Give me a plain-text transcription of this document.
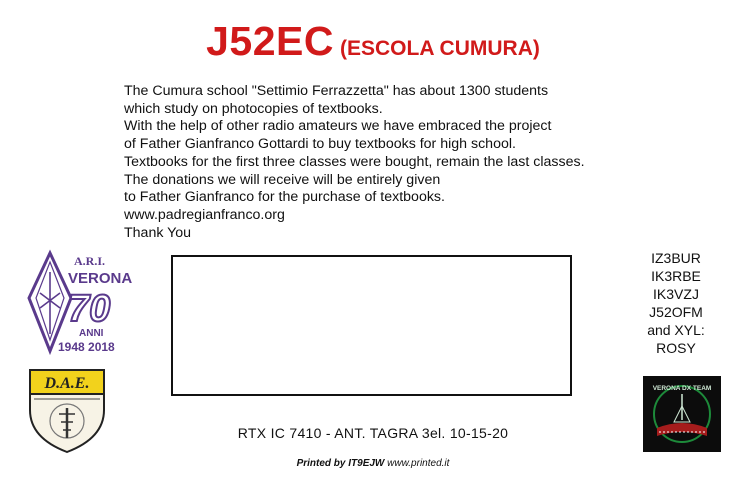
J52EC (ESCOLA CUMURA)
The Cumura school "Settimio Ferrazzetta" has about 1300 students
which study on photocopies of textbooks.
With the help of other radio amateurs we have embraced the project
of Father Gianfranco Gottardi to buy textbooks for high school.
Textbooks for the first three classes were bought, remain the last classes.
The donations we will receive will be entirely given
to Father Gianfranco for the purchase of textbooks.
www.padregianfranco.org
Thank You
IZ3BUR
IK3RBE
IK3VZJ
J52OFM
and XYL:
ROSY
A.R.I.
VERONA
70
ANNI
1948 2018
D.A.E.	VERONA DX TEAM
RTX IC 7410 - ANT. TAGRA 3el. 10-15-20
Printed by IT9EJW www.printed.it
